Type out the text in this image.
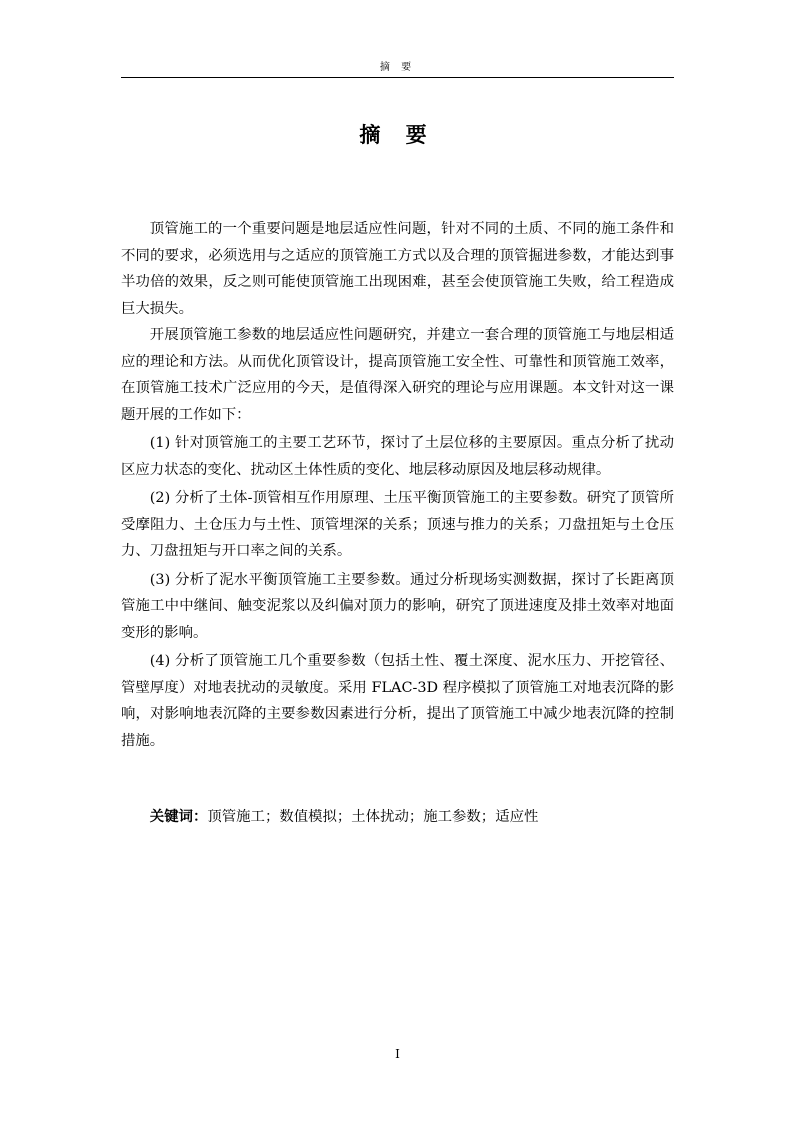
摘 要
摘 要

顶管施工的一个重要问题是地层适应性问题，针对不同的土质、不同的施工条件和不同的要求，必须选用与之适应的顶管施工方式以及合理的顶管掘进参数，才能达到事半功倍的效果，反之则可能使顶管施工出现困难，甚至会使顶管施工失败，给工程造成巨大损失。

开展顶管施工参数的地层适应性问题研究，并建立一套合理的顶管施工与地层相适应的理论和方法。从而优化顶管设计，提高顶管施工安全性、可靠性和顶管施工效率，在顶管施工技术广泛应用的今天，是值得深入研究的理论与应用课题。本文针对这一课题开展的工作如下：

(1) 针对顶管施工的主要工艺环节，探讨了土层位移的主要原因。重点分析了扰动区应力状态的变化、扰动区土体性质的变化、地层移动原因及地层移动规律。

(2) 分析了土体-顶管相互作用原理、土压平衡顶管施工的主要参数。研究了顶管所受摩阻力、土仓压力与土性、顶管埋深的关系；顶速与推力的关系；刀盘扭矩与土仓压力、刀盘扭矩与开口率之间的关系。

(3) 分析了泥水平衡顶管施工主要参数。通过分析现场实测数据，探讨了长距离顶管施工中中继间、触变泥浆以及纠偏对顶力的影响，研究了顶进速度及排土效率对地面变形的影响。

(4) 分析了顶管施工几个重要参数（包括土性、覆土深度、泥水压力、开挖管径、管壁厚度）对地表扰动的灵敏度。采用 FLAC-3D 程序模拟了顶管施工对地表沉降的影响，对影响地表沉降的主要参数因素进行分析，提出了顶管施工中减少地表沉降的控制措施。

关键词：顶管施工；数值模拟；土体扰动；施工参数；适应性
I
